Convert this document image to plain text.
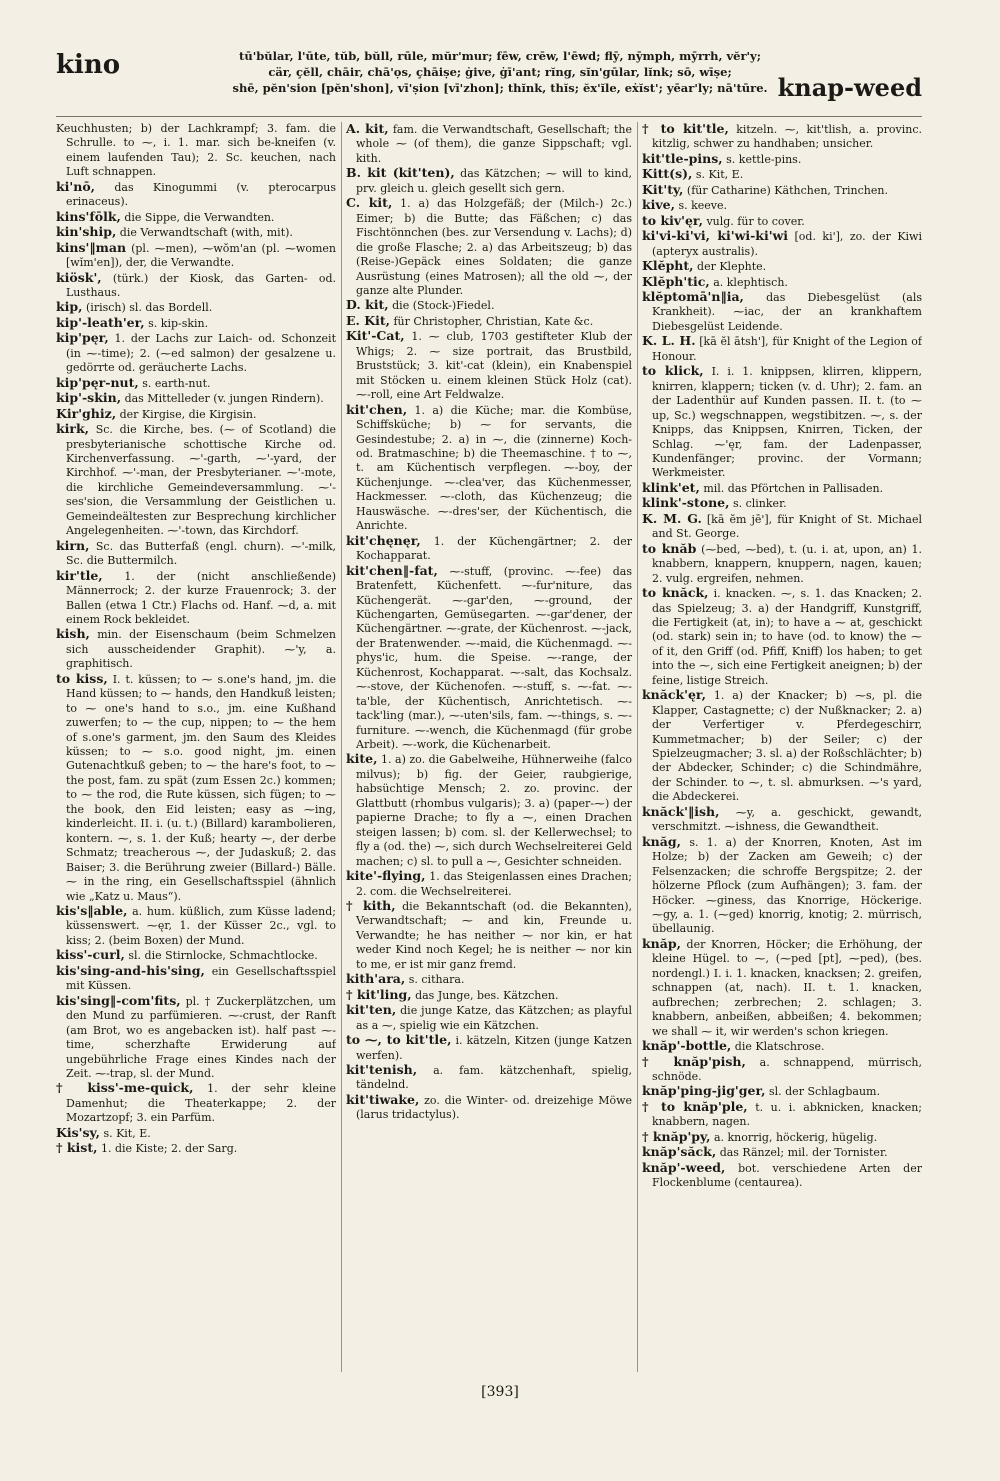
kino	tū'bŭlar, l'ūte, tŭb, bŭll, rūle, mŭr'mur; fēw, crēw, l'ēwd; flȳ, nȳmph, mȳrrh, vĕr'y;
cär, çĕll, chāir, chā'ọs, çhāiṣe; ġive, ġī'ant; rĭng, sĭn'gūlar, lĭnk; sō, wīṣe;
shē, pĕn'sion [pĕn'shon], vī'ṣion [vī'zhon]; thĭnk, thĭs; ĕx'ĭle, eẋĭst'; yēar'ly; nā'tūre. knap-weed

Keuchhusten; b) der Lachkrampf; 3. fam. die Schrulle. to ⁓, i. 1. mar. sich be-kneifen (v. einem laufenden Tau); 2. Sc. keuchen, nach Luft schnappen.

ki'nō, das Kinogummi (v. pterocarpus erinaceus).

kins'fōlk, die Sippe, die Verwandten.

kin'ship, die Verwandtschaft (with, mit).

kins'‖man (pl. ⁓men), ⁓wŏm'an (pl. ⁓women [wĭm'en]), der, die Verwandte.

kiösk', (türk.) der Kiosk, das Garten- od. Lusthaus.

kip, (irisch) sl. das Bordell.

kip'-leath'er, s. kip-skin.

kip'pęr, 1. der Lachs zur Laich- od. Schonzeit (in ⁓-time); 2. (⁓ed salmon) der gesalzene u. gedörrte od. geräucherte Lachs.

kip'pęr-nut, s. earth-nut.

kip'-skin, das Mittelleder (v. jungen Rindern).

Kir'ghiz, der Kirgise, die Kirgisin.

kirk, Sc. die Kirche, bes. (⁓ of Scotland) die presbyterianische schottische Kirche od. Kirchenverfassung. ⁓'-garth, ⁓'-yard, der Kirchhof. ⁓'-man, der Presbyterianer. ⁓'-mote, die kirchliche Gemeindeversammlung. ⁓'-ses'sion, die Versammlung der Geistlichen u. Gemeindeältesten zur Besprechung kirchlicher Angelegenheiten. ⁓'-town, das Kirchdorf.

kirn, Sc. das Butterfaß (engl. churn). ⁓'-milk, Sc. die Buttermilch.

kir'tle, 1. der (nicht anschließende) Männerrock; 2. der kurze Frauenrock; 3. der Ballen (etwa 1 Ctr.) Flachs od. Hanf. ⁓d, a. mit einem Rock bekleidet.

kish, min. der Eisenschaum (beim Schmelzen sich ausscheidender Graphit). ⁓'y, a. graphitisch.

to kiss, I. t. küssen; to ⁓ s.one's hand, jm. die Hand küssen; to ⁓ hands, den Handkuß leisten; to ⁓ one's hand to s.o., jm. eine Kußhand zuwerfen; to ⁓ the cup, nippen; to ⁓ the hem of s.one's garment, jm. den Saum des Kleides küssen; to ⁓ s.o. good night, jm. einen Gutenachtkuß geben; to ⁓ the hare's foot, to ⁓ the post, fam. zu spät (zum Essen 2c.) kommen; to ⁓ the rod, die Rute küssen, sich fügen; to ⁓ the book, den Eid leisten; easy as ⁓ing, kinderleicht. II. i. (u. t.) (Billard) karambolieren, kontern. ⁓, s. 1. der Kuß; hearty ⁓, der derbe Schmatz; treacherous ⁓, der Judaskuß; 2. das Baiser; 3. die Berührung zweier (Billard-) Bälle. ⁓ in the ring, ein Gesellschaftsspiel (ähnlich wie „Katz u. Maus“).

kis's‖able, a. hum. küßlich, zum Küsse ladend; küssenswert. ⁓ęr, 1. der Küsser 2c., vgl. to kiss; 2. (beim Boxen) der Mund.

kiss'-curl, sl. die Stirnlocke, Schmachtlocke.

kis'sing-and-his'sing, ein Gesellschaftsspiel mit Küssen.

kis'sing‖-com'fits, pl. † Zuckerplätzchen, um den Mund zu parfümieren. ⁓-crust, der Ranft (am Brot, wo es angebacken ist). half past ⁓-time, scherzhafte Erwiderung auf ungebührliche Frage eines Kindes nach der Zeit. ⁓-trap, sl. der Mund.

† kiss'-me-quick, 1. der sehr kleine Damenhut; die Theaterkappe; 2. der Mozartzopf; 3. ein Parfüm.

Kis'sy, s. Kit, E.

† kist, 1. die Kiste; 2. der Sarg.

A. kit, fam. die Verwandtschaft, Gesellschaft; the whole ⁓ (of them), die ganze Sippschaft; vgl. kith.

B. kit (kit'ten), das Kätzchen; ⁓ will to kind, prv. gleich u. gleich gesellt sich gern.

C. kit, 1. a) das Holzgefäß; der (Milch-) 2c.) Eimer; b) die Butte; das Fäßchen; c) das Fischtönnchen (bes. zur Versendung v. Lachs); d) die große Flasche; 2. a) das Arbeitszeug; b) das (Reise-)Gepäck eines Soldaten; die ganze Ausrüstung (eines Matrosen); all the old ⁓, der ganze alte Plunder.

D. kit, die (Stock-)Fiedel.

E. Kit, für Christopher, Christian, Kate &c.

Kit'-Cat, 1. ⁓ club, 1703 gestifteter Klub der Whigs; 2. ⁓ size portrait, das Brustbild, Bruststück; 3. kit'-cat (klein), ein Knabenspiel mit Stöcken u. einem kleinen Stück Holz (cat). ⁓-roll, eine Art Feldwalze.

kit'chen, 1. a) die Küche; mar. die Kombüse, Schiffsküche; b) ⁓ for servants, die Gesindestube; 2. a) in ⁓, die (zinnerne) Koch- od. Bratmaschine; b) die Theemaschine. † to ⁓, t. am Küchentisch verpflegen. ⁓-boy, der Küchenjunge. ⁓-clea'ver, das Küchenmesser, Hackmesser. ⁓-cloth, das Küchenzeug; die Hauswäsche. ⁓-dres'ser, der Küchentisch, die Anrichte.

kit'chęnęr, 1. der Küchengärtner; 2. der Kochapparat.

kit'chen‖-fat, ⁓-stuff, (provinc. ⁓-fee) das Bratenfett, Küchenfett. ⁓-fur'niture, das Küchengerät. ⁓-gar'den, ⁓-ground, der Küchengarten, Gemüsegarten. ⁓-gar'dener, der Küchengärtner. ⁓-grate, der Küchenrost. ⁓-jack, der Bratenwender. ⁓-maid, die Küchenmagd. ⁓-phys'ic, hum. die Speise. ⁓-range, der Küchenrost, Kochapparat. ⁓-salt, das Kochsalz. ⁓-stove, der Küchenofen. ⁓-stuff, s. ⁓-fat. ⁓-ta'ble, der Küchentisch, Anrichtetisch. ⁓-tack'ling (mar.), ⁓-uten'sils, fam. ⁓-things, s. ⁓-furniture. ⁓-wench, die Küchenmagd (für grobe Arbeit). ⁓-work, die Küchenarbeit.

kite, 1. a) zo. die Gabelweihe, Hühnerweihe (falco milvus); b) fig. der Geier, raubgierige, habsüchtige Mensch; 2. zo. provinc. der Glattbutt (rhombus vulgaris); 3. a) (paper-⁓) der papierne Drache; to fly a ⁓, einen Drachen steigen lassen; b) com. sl. der Kellerwechsel; to fly a (od. the) ⁓, sich durch Wechselreiterei Geld machen; c) sl. to pull a ⁓, Gesichter schneiden.

kite'-flying, 1. das Steigenlassen eines Drachen; 2. com. die Wechselreiterei.

† kith, die Bekanntschaft (od. die Bekannten), Verwandtschaft; ⁓ and kin, Freunde u. Verwandte; he has neither ⁓ nor kin, er hat weder Kind noch Kegel; he is neither ⁓ nor kin to me, er ist mir ganz fremd.

kith'ara, s. cithara.

† kit'ling, das Junge, bes. Kätzchen.

kit'ten, die junge Katze, das Kätzchen; as playful as a ⁓, spielig wie ein Kätzchen.

to ⁓, to kit'tle, i. kätzeln, Kitzen (junge Katzen werfen).

kit'tenish, a. fam. kätzchenhaft, spielig, tändelnd.

kit'tiwake, zo. die Winter- od. dreizehige Möwe (larus tridactylus).

† to kit'tle, kitzeln. ⁓, kit'tlish, a. provinc. kitzlig, schwer zu handhaben; unsicher.

kit'tle-pins, s. kettle-pins.

Kitt(s), s. Kit, E.

Kit'ty, (für Catharine) Käthchen, Trinchen.

kive, s. keeve.

to kiv'ęr, vulg. für to cover.

ki'vi-ki'vi, ki'wi-ki'wi [od. ki'], zo. der Kiwi (apteryx australis).

Klĕpht, der Klephte.

Klĕph'tic, a. klephtisch.

klĕptomā'n‖ia, das Diebesgelüst (als Krankheit). ⁓iac, der an krankhaftem Diebesgelüst Leidende.

K. L. H. [kā ĕl ātsh'], für Knight of the Legion of Honour.

to klick, I. i. 1. knippsen, klirren, klippern, knirren, klappern; ticken (v. d. Uhr); 2. fam. an der Ladenthür auf Kunden passen. II. t. (to ⁓ up, Sc.) wegschnappen, wegstibitzen. ⁓, s. der Knipps, das Knippsen, Knirren, Ticken, der Schlag. ⁓'ęr, fam. der Ladenpasser, Kundenfänger; provinc. der Vormann; Werkmeister.

klink'et, mil. das Pförtchen in Pallisaden.

klink'-stone, s. clinker.

K. M. G. [kā ĕm jē'], für Knight of St. Michael and St. George.

to knăb (⁓bed, ⁓bed), t. (u. i. at, upon, an) 1. knabbern, knappern, knuppern, nagen, kauen; 2. vulg. ergreifen, nehmen.

to knăck, i. knacken. ⁓, s. 1. das Knacken; 2. das Spielzeug; 3. a) der Handgriff, Kunstgriff, die Fertigkeit (at, in); to have a ⁓ at, geschickt (od. stark) sein in; to have (od. to know) the ⁓ of it, den Griff (od. Pfiff, Kniff) los haben; to get into the ⁓, sich eine Fertigkeit aneignen; b) der feine, listige Streich.

knăck'ęr, 1. a) der Knacker; b) ⁓s, pl. die Klapper, Castagnette; c) der Nußknacker; 2. a) der Verfertiger v. Pferdegeschirr, Kummetmacher; b) der Seiler; c) der Spielzeugmacher; 3. sl. a) der Roßschlächter; b) der Abdecker, Schinder; c) die Schindmähre, der Schinder. to ⁓, t. sl. abmurksen. ⁓'s yard, die Abdeckerei.

knăck'‖ish, ⁓y, a. geschickt, gewandt, verschmitzt. ⁓ishness, die Gewandtheit.

knăg, s. 1. a) der Knorren, Knoten, Ast im Holze; b) der Zacken am Geweih; c) der Felsenzacken; die schroffe Bergspitze; 2. der hölzerne Pflock (zum Aufhängen); 3. fam. der Höcker. ⁓giness, das Knorrige, Höckerige. ⁓gy, a. 1. (⁓ged) knorrig, knotig; 2. mürrisch, übellaunig.

knăp, der Knorren, Höcker; die Erhöhung, der kleine Hügel. to ⁓, (⁓ped [pt], ⁓ped), (bes. nordengl.) I. i. 1. knacken, knacksen; 2. greifen, schnappen (at, nach). II. t. 1. knacken, aufbrechen; zerbrechen; 2. schlagen; 3. knabbern, anbeißen, abbeißen; 4. bekommen; we shall ⁓ it, wir werden's schon kriegen.

knăp'-bottle, die Klatschrose.

† knăp'pish, a. schnappend, mürrisch, schnöde.

knăp'ping-jig'ger, sl. der Schlagbaum.

† to knăp'ple, t. u. i. abknicken, knacken; knabbern, nagen.

† knăp'py, a. knorrig, höckerig, hügelig.

knăp'săck, das Ränzel; mil. der Tornister.

knăp'-weed, bot. verschiedene Arten der Flockenblume (centaurea).

[393]
